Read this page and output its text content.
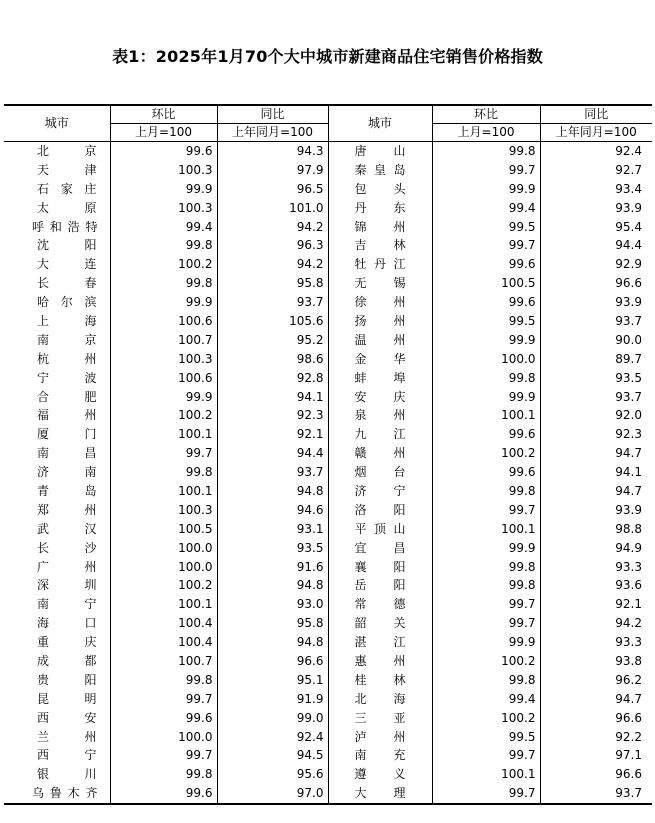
表1：2025年1月70个大中城市新建商品住宅销售价格指数
城市	环比	同比	城市	环比	同比
	上月=100	上年同月=100		上月=100	上年同月=100
北京	99.6	94.3	唐山	99.8	92.4
天津	100.3	97.9	秦皇岛	99.7	92.7
石家庄	99.9	96.5	包头	99.9	93.4
太原	100.3	101.0	丹东	99.4	93.9
呼和浩特	99.4	94.2	锦州	99.5	95.4
沈阳	99.8	96.3	吉林	99.7	94.4
大连	100.2	94.2	牡丹江	99.6	92.9
长春	99.8	95.8	无锡	100.5	96.6
哈尔滨	99.9	93.7	徐州	99.6	93.9
上海	100.6	105.6	扬州	99.5	93.7
南京	100.7	95.2	温州	99.9	90.0
杭州	100.3	98.6	金华	100.0	89.7
宁波	100.6	92.8	蚌埠	99.8	93.5
合肥	99.9	94.1	安庆	99.9	93.7
福州	100.2	92.3	泉州	100.1	92.0
厦门	100.1	92.1	九江	99.6	92.3
南昌	99.7	94.4	赣州	100.2	94.7
济南	99.8	93.7	烟台	99.6	94.1
青岛	100.1	94.8	济宁	99.8	94.7
郑州	100.3	94.6	洛阳	99.7	93.9
武汉	100.5	93.1	平顶山	100.1	98.8
长沙	100.0	93.5	宜昌	99.9	94.9
广州	100.0	91.6	襄阳	99.8	93.3
深圳	100.2	94.8	岳阳	99.8	93.6
南宁	100.1	93.0	常德	99.7	92.1
海口	100.4	95.8	韶关	99.7	94.2
重庆	100.4	94.8	湛江	99.9	93.3
成都	100.7	96.6	惠州	100.2	93.8
贵阳	99.8	95.1	桂林	99.8	96.2
昆明	99.7	91.9	北海	99.4	94.7
西安	99.6	99.0	三亚	100.2	96.6
兰州	100.0	92.4	泸州	99.5	92.2
西宁	99.7	94.5	南充	99.7	97.1
银川	99.8	95.6	遵义	100.1	96.6
乌鲁木齐	99.6	97.0	大理	99.7	93.7
